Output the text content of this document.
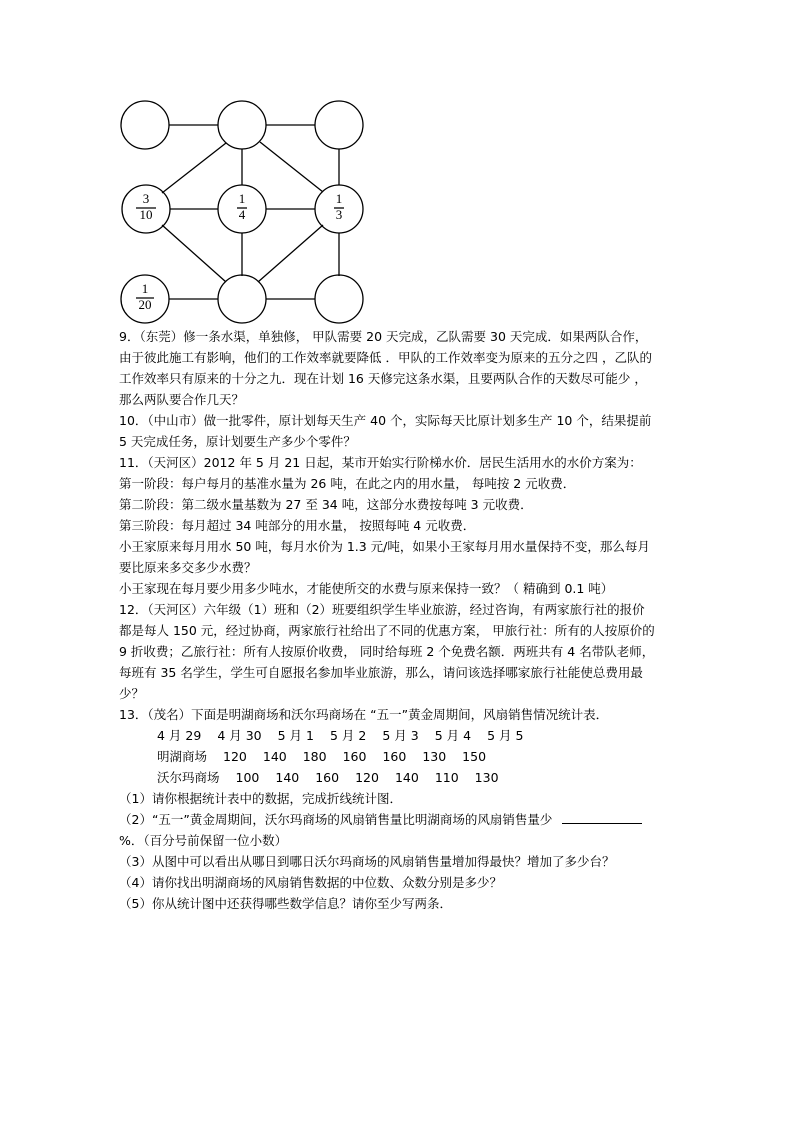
3
10
1
4
1
3
1
20
9．（东莞）修一条水渠，单独修， 甲队需要 20 天完成，乙队需要 30 天完成．如果两队合作，
由于彼此施工有影响，他们的工作效率就要降低 ．甲队的工作效率变为原来的五分之四 ，乙队的
工作效率只有原来的十分之九．现在计划 16 天修完这条水渠，且要两队合作的天数尽可能少 ，
那么两队要合作几天？
10．（中山市）做一批零件，原计划每天生产 40 个，实际每天比原计划多生产 10 个，结果提前
5 天完成任务，原计划要生产多少个零件？
11．（天河区）2012 年 5 月 21 日起，某市开始实行阶梯水价．居民生活用水的水价方案为：
第一阶段：每户每月的基准水量为 26 吨，在此之内的用水量， 每吨按 2 元收费．
第二阶段：第二级水量基数为 27 至 34 吨，这部分水费按每吨 3 元收费．
第三阶段：每月超过 34 吨部分的用水量， 按照每吨 4 元收费．
小王家原来每月用水 50 吨，每月水价为 1.3 元/吨，如果小王家每月用水量保持不变，那么每月
要比原来多交多少水费？
小王家现在每月要少用多少吨水，才能使所交的水费与原来保持一致？（ 精确到 0.1 吨）
12．（天河区）六年级（1）班和（2）班要组织学生毕业旅游，经过咨询，有两家旅行社的报价
都是每人 150 元，经过协商，两家旅行社给出了不同的优惠方案， 甲旅行社：所有的人按原价的
9 折收费；乙旅行社：所有人按原价收费， 同时给每班 2 个免费名额．两班共有 4 名带队老师，
每班有 35 名学生，学生可自愿报名参加毕业旅游，那么，请问该选择哪家旅行社能使总费用最
少？
13．（茂名）下面是明湖商场和沃尔玛商场在 “五一”黄金周期间，风扇销售情况统计表．
4 月 29 4 月 30 5 月 1 5 月 2 5 月 3 5 月 4 5 月 5
明湖商场 120 140 180 160 160 130 150
沃尔玛商场 100 140 160 120 140 110 130
（1）请你根据统计表中的数据，完成折线统计图．
（2）“五一”黄金周期间，沃尔玛商场的风扇销售量比明湖商场的风扇销售量少
%．（百分号前保留一位小数）
（3）从图中可以看出从哪日到哪日沃尔玛商场的风扇销售量增加得最快？增加了多少台？
（4）请你找出明湖商场的风扇销售数据的中位数、众数分别是多少？
（5）你从统计图中还获得哪些数学信息？请你至少写两条．
